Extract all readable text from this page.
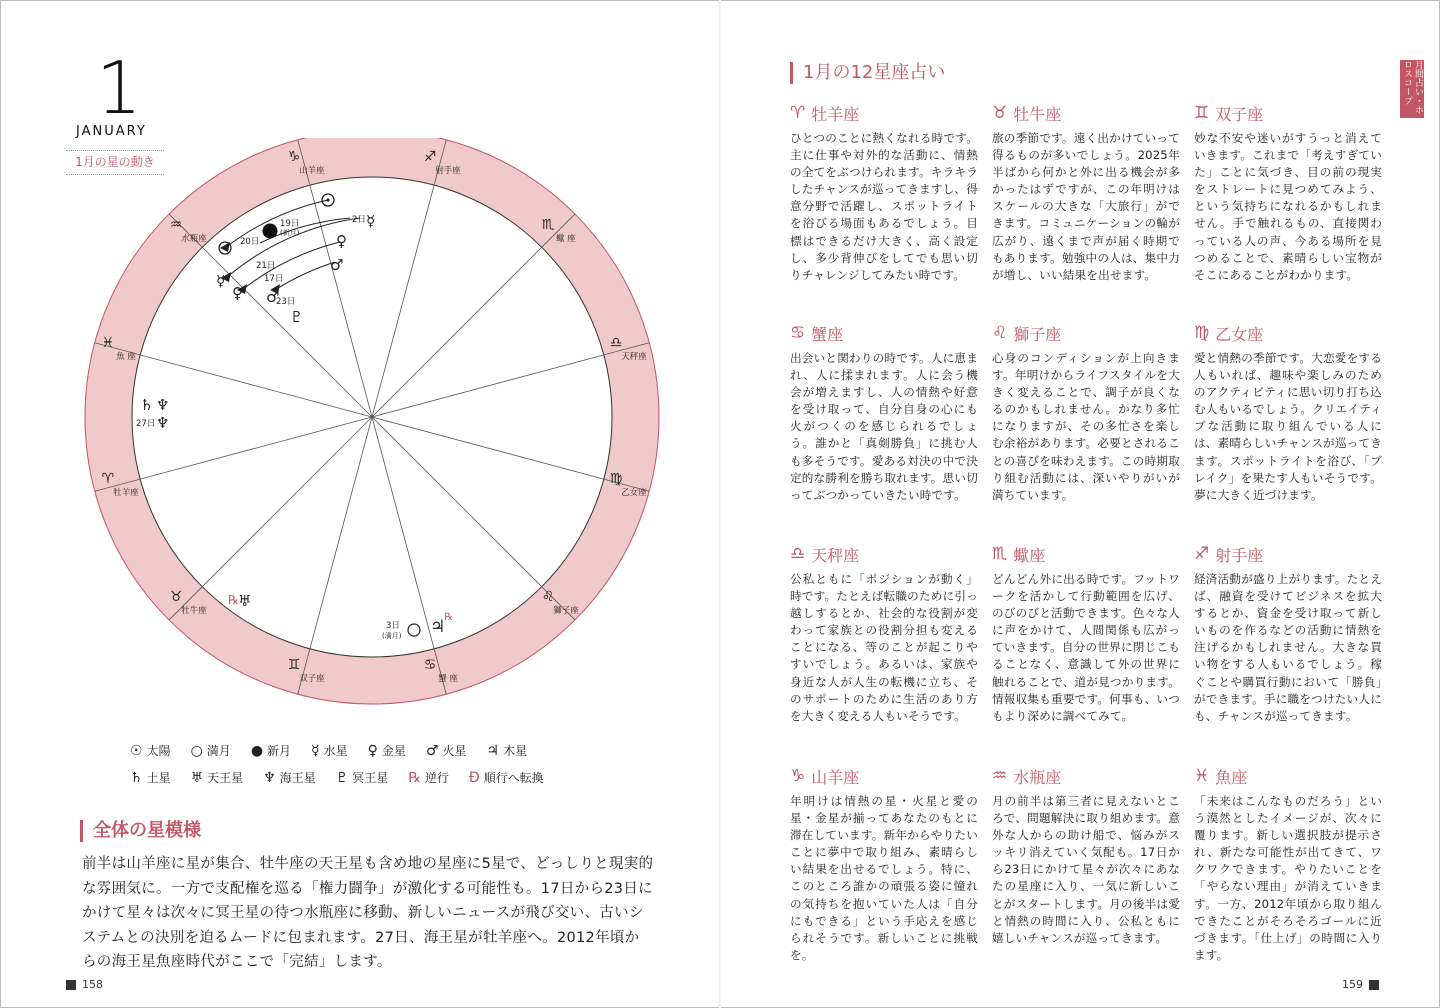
1
JANUARY
1月の星の動き	♑
山羊座
♐
射手座
♏
蠍 座
♎
天秤座
♍
乙女座
♌
獅子座
♋
蟹 座
♊
双子座
♉
牡牛座
♈
牡羊座
♓
魚 座
♒
水瓶座
19日
(新月)
20日
21日
17日
23日
2日 ☿
♀
♂
☿
♀ ♂
♇
♄ ♆
27日 ♆
℞ ♅
3日
(満月) ♃
℞
☉ 太陽 ○ 満月 ● 新月 ☿ 水星 ♀ 金星 ♂ 火星 ♃ 木星
♄ 土星 ♅ 天王星 ♆ 海王星 ♇ 冥王星 ℞ 逆行 Ð 順行へ転換
全体の星模様
前半は山羊座に星が集合、牡牛座の天王星も含め地の星座に5星で、どっしりと現実的な雰囲気に。一方で支配権を巡る「権力闘争」が激化する可能性も。17日から23日にかけて星々は次々に冥王星の待つ水瓶座に移動、新しいニュースが飛び交い、古いシステムとの決別を迫るムードに包まれます。27日、海王星が牡羊座へ。2012年頃からの海王星魚座時代がここで「完結」します。
158
1月の12星座占い	月間占い・ホロスコープ
♈ 牡羊座
ひとつのことに熱くなれる時です。主に仕事や対外的な活動に、情熱の全てをぶつけられます。キラキラしたチャンスが巡ってきますし、得意分野で活躍し、スポットライトを浴びる場面もあるでしょう。目標はできるだけ大きく、高く設定し、多少背伸びをしてでも思い切りチャレンジしてみたい時です。
♉ 牡牛座
旅の季節です。遠く出かけていって得るものが多いでしょう。2025年半ばから何かと外に出る機会が多かったはずですが、この年明けはスケールの大きな「大旅行」ができます。コミュニケーションの輪が広がり、遠くまで声が届く時期でもあります。勉強中の人は、集中力が増し、いい結果を出せます。
♊ 双子座
妙な不安や迷いがすうっと消えていきます。これまで「考えすぎていた」ことに気づき、目の前の現実をストレートに見つめてみよう、という気持ちになれるかもしれません。手で触れるもの、直接関わっている人の声、今ある場所を見つめることで、素晴らしい宝物がそこにあることがわかります。
♋ 蟹座
出会いと関わりの時です。人に恵まれ、人に揉まれます。人に会う機会が増えますし、人の情熱や好意を受け取って、自分自身の心にも火がつくのを感じられるでしょう。誰かと「真剣勝負」に挑む人も多そうです。愛ある対決の中で決定的な勝利を勝ち取れます。思い切ってぶつかっていきたい時です。
♌ 獅子座
心身のコンディションが上向きます。年明けからライフスタイルを大きく変えることで、調子が良くなるのかもしれません。かなり多忙になりますが、その多忙さを楽しむ余裕があります。必要とされることの喜びを味わえます。この時期取り組む活動には、深いやりがいが満ちています。
♍ 乙女座
愛と情熱の季節です。大恋愛をする人もいれば、趣味や楽しみのためのアクティビティに思い切り打ち込む人もいるでしょう。クリエイティブな活動に取り組んでいる人には、素晴らしいチャンスが巡ってきます。スポットライトを浴び、「ブレイク」を果たす人もいそうです。夢に大きく近づけます。
♎ 天秤座
公私ともに「ポジションが動く」時です。たとえば転職のために引っ越しするとか、社会的な役割が変わって家族との役割分担も変えることになる、等のことが起こりやすいでしょう。あるいは、家族や身近な人が人生の転機に立ち、そのサポートのために生活のあり方を大きく変える人もいそうです。
♏ 蠍座
どんどん外に出る時です。フットワークを活かして行動範囲を広げ、のびのびと活動できます。色々な人に声をかけて、人間関係も広がっていきます。自分の世界に閉じこもることなく、意識して外の世界に触れることで、道が見つかります。情報収集も重要です。何事も、いつもより深めに調べてみて。
♐ 射手座
経済活動が盛り上がります。たとえば、融資を受けてビジネスを拡大するとか、資金を受け取って新しいものを作るなどの活動に情熱を注げるかもしれません。大きな買い物をする人もいるでしょう。稼ぐことや購買行動において「勝負」ができます。手に職をつけたい人にも、チャンスが巡ってきます。
♑ 山羊座
年明けは情熱の星・火星と愛の星・金星が揃ってあなたのもとに滞在しています。新年からやりたいことに夢中で取り組み、素晴らしい結果を出せるでしょう。特に、このところ誰かの頑張る姿に憧れの気持ちを抱いていた人は「自分にもできる」という手応えを感じられそうです。新しいことに挑戦を。
♒ 水瓶座
月の前半は第三者に見えないところで、問題解決に取り組めます。意外な人からの助け船で、悩みがスッキリ消えていく気配も。17日から23日にかけて星々が次々にあなたの星座に入り、一気に新しいことがスタートします。月の後半は愛と情熱の時間に入り、公私ともに嬉しいチャンスが巡ってきます。
♓ 魚座
「未来はこんなものだろう」という漠然としたイメージが、次々に覆ります。新しい選択肢が提示され、新たな可能性が出てきて、ワクワクできます。やりたいことを「やらない理由」が消えていきます。一方、2012年頃から取り組んできたことがそろそろゴールに近づきます。「仕上げ」の時間に入ります。
159
